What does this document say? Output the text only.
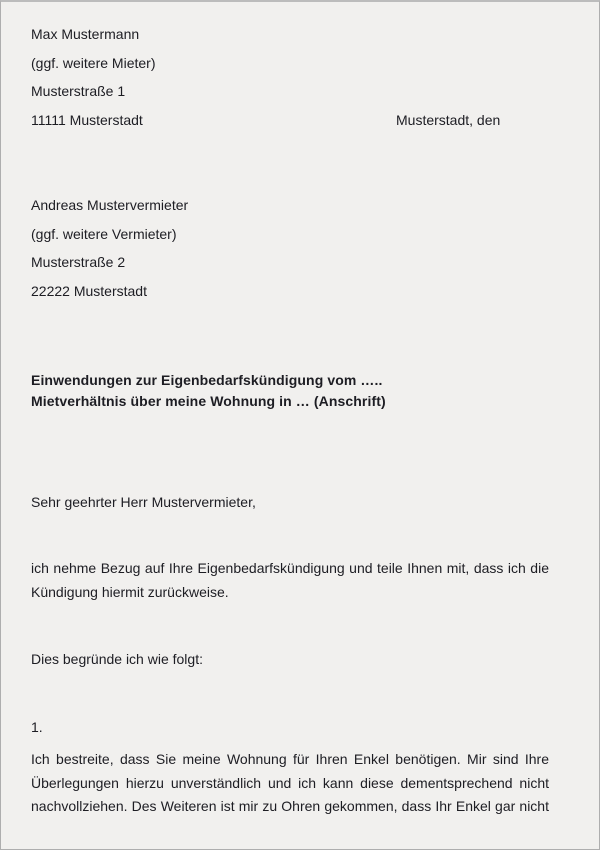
Max Mustermann

(ggf. weitere Mieter)

Musterstraße 1

11111 Musterstadt	Musterstadt, den

Andreas Mustervermieter

(ggf. weitere Vermieter)

Musterstraße 2

22222 Musterstadt

Einwendungen zur Eigenbedarfskündigung vom …..

Mietverhältnis über meine Wohnung in … (Anschrift)

Sehr geehrter Herr Mustervermieter,

ich nehme Bezug auf Ihre Eigenbedarfskündigung und teile Ihnen mit, dass ich die Kündigung hiermit zurückweise.

Dies begründe ich wie folgt:

1.

Ich bestreite, dass Sie meine Wohnung für Ihren Enkel benötigen. Mir sind Ihre Überlegungen hierzu unverständlich und ich kann diese dementsprechend nicht nachvollziehen. Des Weiteren ist mir zu Ohren gekommen, dass Ihr Enkel gar nicht
